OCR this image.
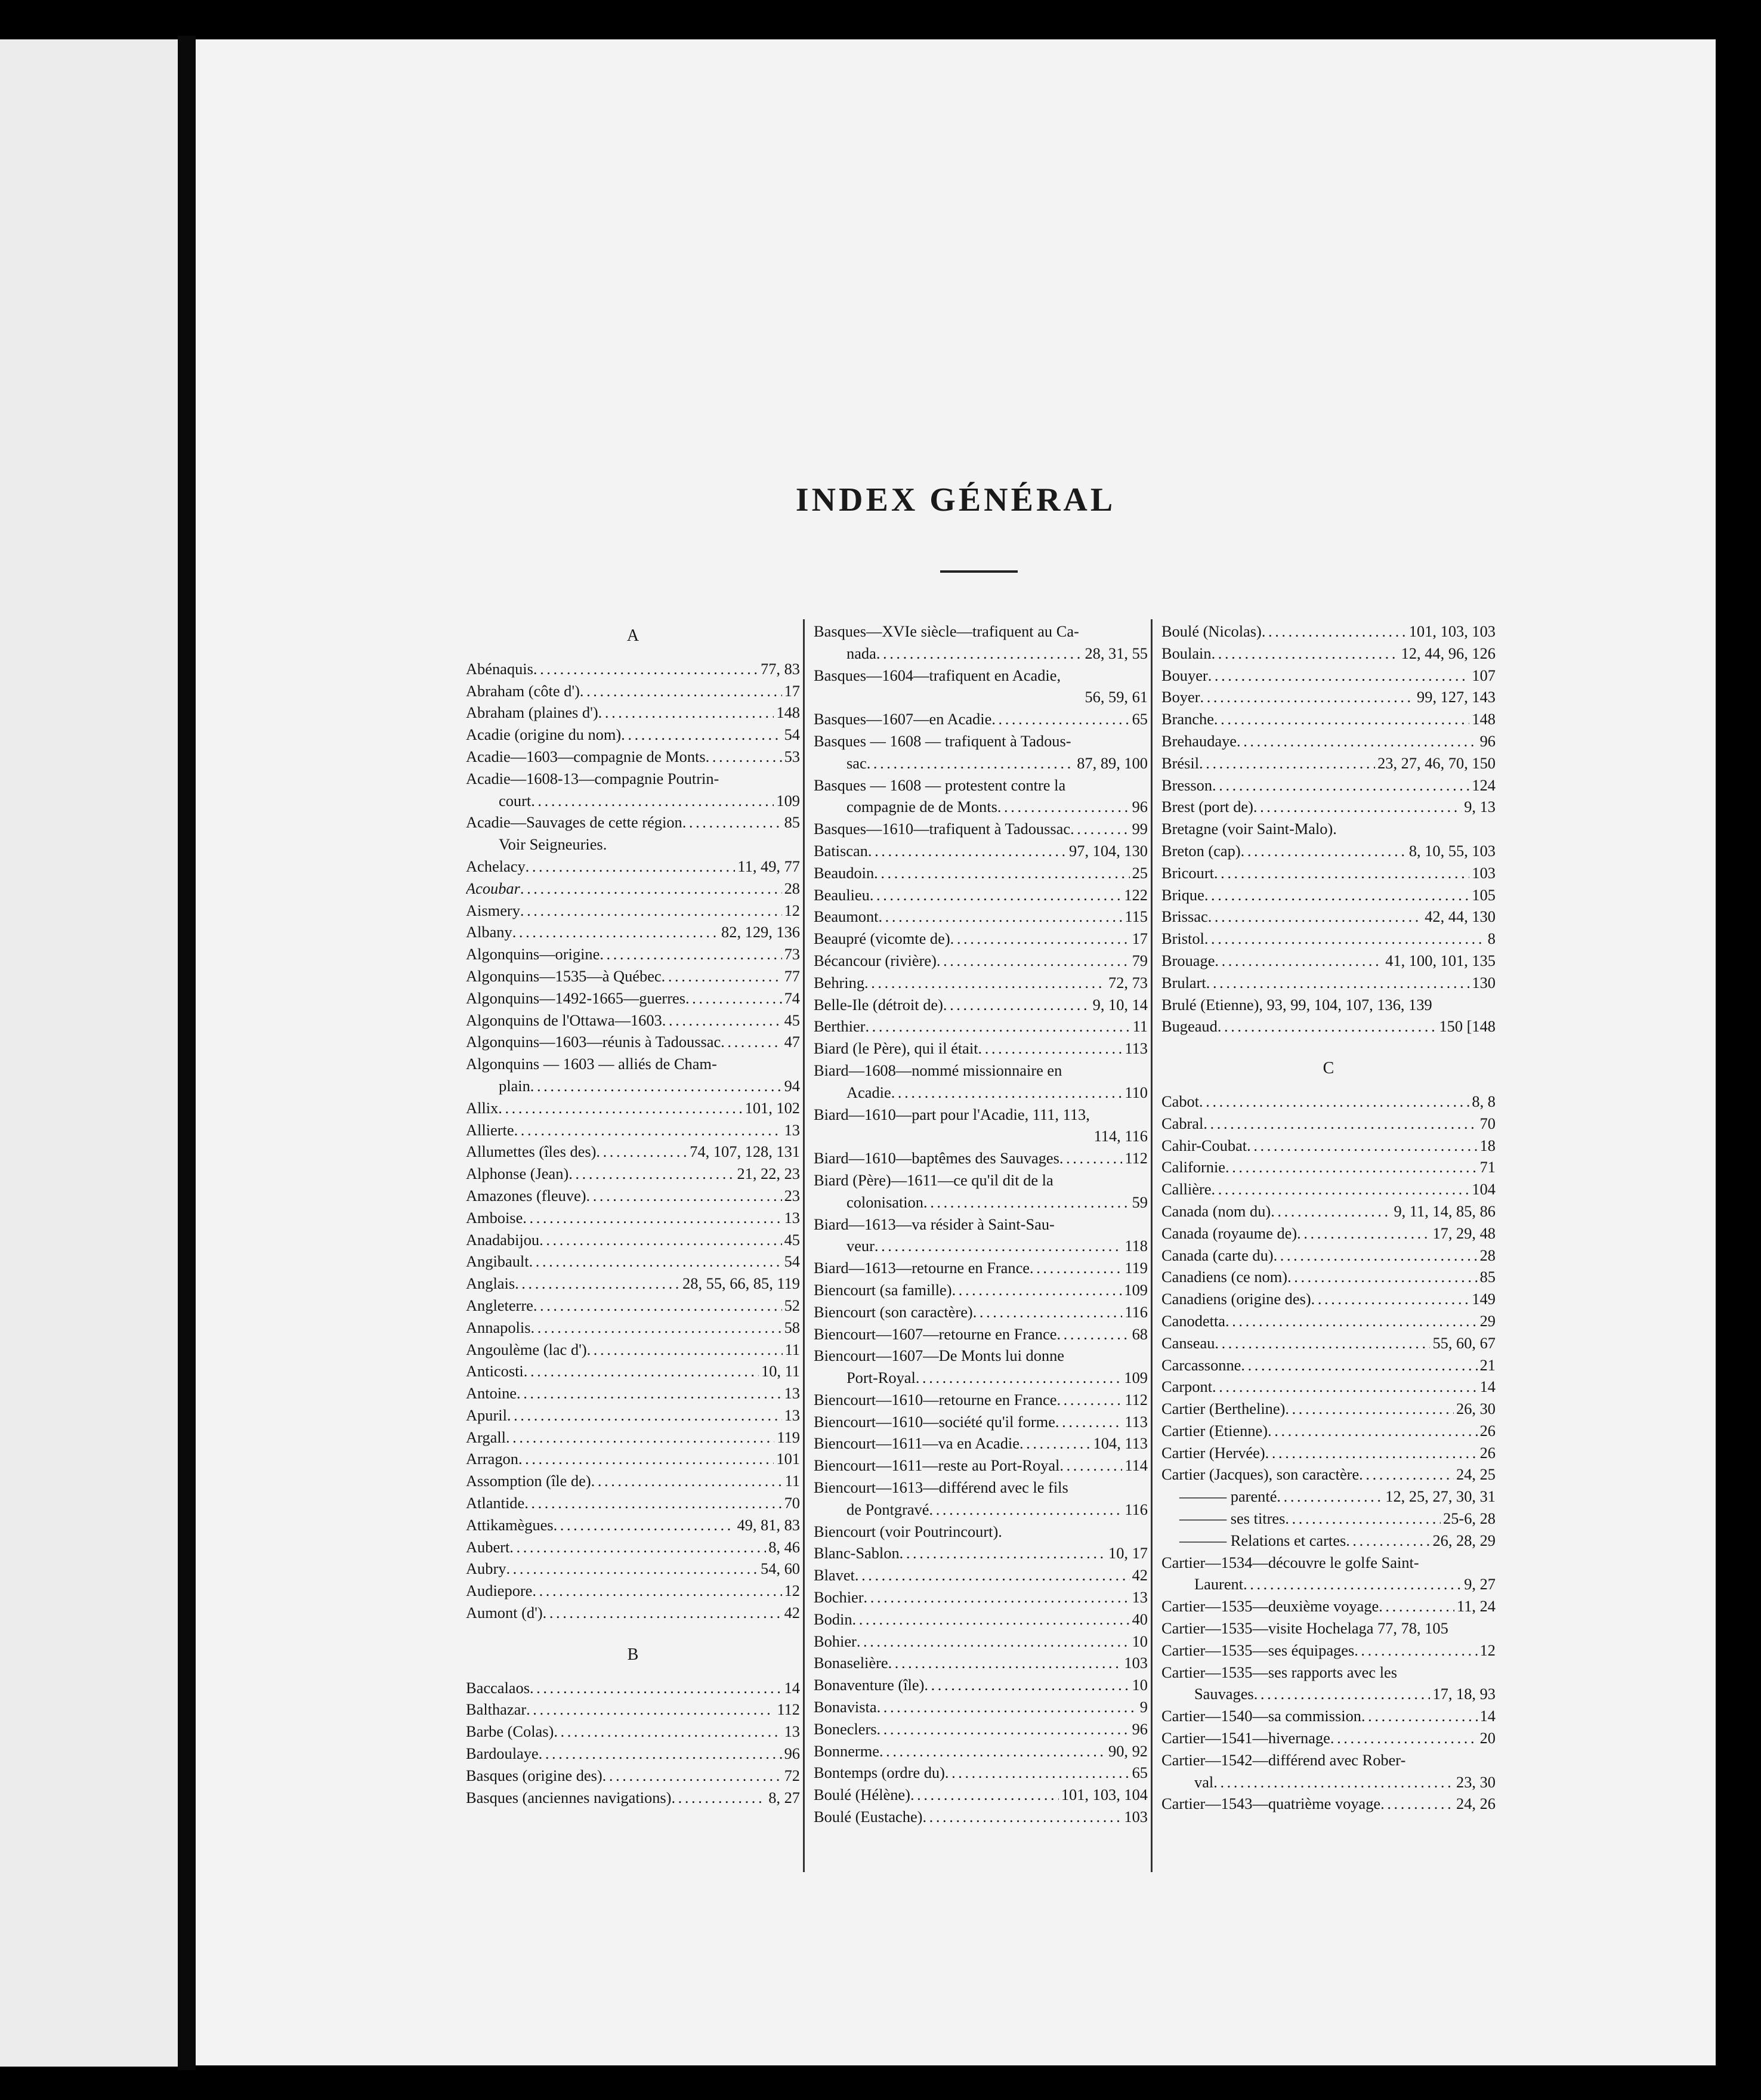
INDEX GÉNÉRAL
A
Abénaquis . . .	77, 83
Abraham (côte d') . . .	17
Abraham (plaines d') . . .	148
Acadie (origine du nom) . . .	54
Acadie—1603—compagnie de Monts . . .	53
Acadie—1608-13—compagnie Poutrin-
court . . .	109
Acadie—Sauvages de cette région . . .	85
Voir Seigneuries.
Achelacy . . .	11, 49, 77
Acoubar . . .	28
Aismery . . .	12
Albany . . .	82, 129, 136
Algonquins—origine . . .	73
Algonquins—1535—à Québec . . .	77
Algonquins—1492-1665—guerres . . .	74
Algonquins de l'Ottawa—1603 . . .	45
Algonquins—1603—réunis à Tadoussac . . .	47
Algonquins — 1603 — alliés de Cham-
plain . . .	94
Allix . . .	101, 102
Allierte . . .	13
Allumettes (îles des) . . .	74, 107, 128, 131
Alphonse (Jean) . . .	21, 22, 23
Amazones (fleuve) . . .	23
Amboise . . .	13
Anadabijou . . .	45
Angibault . . .	54
Anglais . . .	28, 55, 66, 85, 119
Angleterre . . .	52
Annapolis . . .	58
Angoulème (lac d') . . .	11
Anticosti . . .	10, 11
Antoine . . .	13
Apuril . . .	13
Argall . . .	119
Arragon . . .	101
Assomption (île de) . . .	11
Atlantide . . .	70
Attikamègues . . .	49, 81, 83
Aubert . . .	8, 46
Aubry . . .	54, 60
Audiepore . . .	12
Aumont (d') . . .	42
B
Baccalaos . . .	14
Balthazar . . .	112
Barbe (Colas) . . .	13
Bardoulaye . . .	96
Basques (origine des) . . .	72
Basques (anciennes navigations) . . .	8, 27
Basques—XVIe siècle—trafiquent au Ca-
nada . . .	28, 31, 55
Basques—1604—trafiquent en Acadie,
56, 59, 61
Basques—1607—en Acadie . . .	65
Basques — 1608 — trafiquent à Tadous-
sac . . .	87, 89, 100
Basques — 1608 — protestent contre la
compagnie de de Monts . . .	96
Basques—1610—trafiquent à Tadoussac . . .	99
Batiscan . . .	97, 104, 130
Beaudoin . . .	25
Beaulieu . . .	122
Beaumont . . .	115
Beaupré (vicomte de) . . .	17
Bécancour (rivière) . . .	79
Behring . . .	72, 73
Belle-Ile (détroit de) . . .	9, 10, 14
Berthier . . .	11
Biard (le Père), qui il était . . .	113
Biard—1608—nommé missionnaire en
Acadie . . .	110
Biard—1610—part pour l'Acadie, 111, 113,
114, 116
Biard—1610—baptêmes des Sauvages . . .	112
Biard (Père)—1611—ce qu'il dit de la
colonisation . . .	59
Biard—1613—va résider à Saint-Sau-
veur . . .	118
Biard—1613—retourne en France . . .	119
Biencourt (sa famille) . . .	109
Biencourt (son caractère) . . .	116
Biencourt—1607—retourne en France . . .	68
Biencourt—1607—De Monts lui donne
Port-Royal . . .	109
Biencourt—1610—retourne en France . . .	112
Biencourt—1610—société qu'il forme . . .	113
Biencourt—1611—va en Acadie . . .	104, 113
Biencourt—1611—reste au Port-Royal . . .	114
Biencourt—1613—différend avec le fils
de Pontgravé . . .	116
Biencourt (voir Poutrincourt).
Blanc-Sablon . . .	10, 17
Blavet . . .	42
Bochier . . .	13
Bodin . . .	40
Bohier . . .	10
Bonaselière . . .	103
Bonaventure (île) . . .	10
Bonavista . . .	9
Boneclers . . .	96
Bonnerme . . .	90, 92
Bontemps (ordre du) . . .	65
Boulé (Hélène) . . .	101, 103, 104
Boulé (Eustache) . . .	103
Boulé (Nicolas) . . .	101, 103, 103
Boulain . . .	12, 44, 96, 126
Bouyer . . .	107
Boyer . . .	99, 127, 143
Branche . . .	148
Brehaudaye . . .	96
Brésil . . .	23, 27, 46, 70, 150
Bresson . . .	124
Brest (port de) . . .	9, 13
Bretagne (voir Saint-Malo).
Breton (cap) . . .	8, 10, 55, 103
Bricourt . . .	103
Brique . . .	105
Brissac . . .	42, 44, 130
Bristol . . .	8
Brouage . . .	41, 100, 101, 135
Brulart . . .	130
Brulé (Etienne), 93, 99, 104, 107, 136, 139
Bugeaud . . .	150 [148
C
Cabot . . .	8, 8
Cabral . . .	70
Cahir-Coubat . . .	18
Californie . . .	71
Callière . . .	104
Canada (nom du) . . .	9, 11, 14, 85, 86
Canada (royaume de) . . .	17, 29, 48
Canada (carte du) . . .	28
Canadiens (ce nom) . . .	85
Canadiens (origine des) . . .	149
Canodetta . . .	29
Canseau . . .	55, 60, 67
Carcassonne . . .	21
Carpont . . .	14
Cartier (Bertheline) . . .	26, 30
Cartier (Etienne) . . .	26
Cartier (Hervée) . . .	26
Cartier (Jacques), son caractère . . .	24, 25
——— parenté . . .	12, 25, 27, 30, 31
——— ses titres . . .	25-6, 28
——— Relations et cartes . . .	26, 28, 29
Cartier—1534—découvre le golfe Saint-
Laurent . . .	9, 27
Cartier—1535—deuxième voyage . . .	11, 24
Cartier—1535—visite Hochelaga 77, 78, 105
Cartier—1535—ses équipages . . .	12
Cartier—1535—ses rapports avec les
Sauvages . . .	17, 18, 93
Cartier—1540—sa commission . . .	14
Cartier—1541—hivernage . . .	20
Cartier—1542—différend avec Rober-
val . . .	23, 30
Cartier—1543—quatrième voyage . . .	24, 26
